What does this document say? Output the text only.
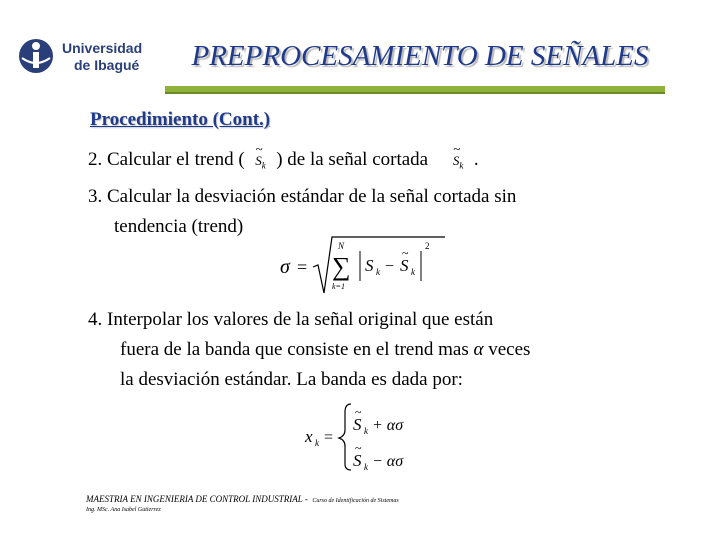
Universidad
de Ibagué	PREPROCESAMIENTO DE SEÑALES
Procedimiento (Cont.)
2. Calcular el trend ( ~ $S_k$ ) de la señal cortada ~ $S_k$ .
3. Calcular la desviación estándar de la señal cortada sin
tendencia (trend)
σ =
N
∑
k=1
S k −
~
S k
2
4. Interpolar los valores de la señal original que están
fuera de la banda que consiste en el trend mas α veces
la desviación estándar. La banda es dada por:
x k =
~
S k + ασ
~
S k − ασ
MAESTRIA EN INGENIERIA DE CONTROL INDUSTRIAL - Curso de Identificación de Sistemas
Ing. MSc. Ana Isabel Gutierrez
